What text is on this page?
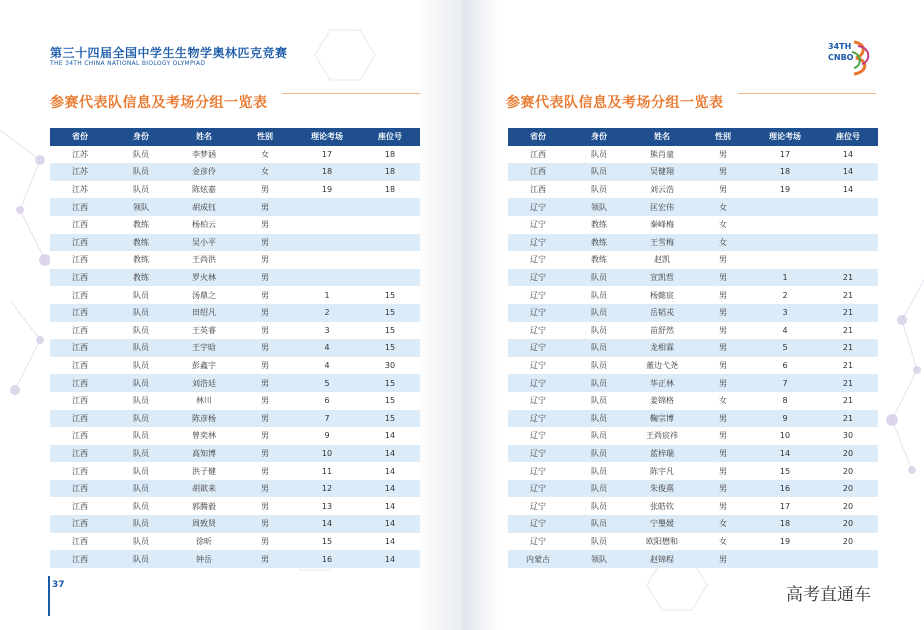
第三十四届全国中学生生物学奥林匹克竞赛
THE 34TH CHINA NATIONAL BIOLOGY OLYMPIAD
参赛代表队信息及考场分组一览表
省份	身份	姓名	性别	理论考场	座位号
江苏	队员	李梦涵	女	17	18
江苏	队员	金彦伶	女	18	18
江苏	队员	陈炫嘉	男	19	18
江西	领队	胡成钰	男		
江西	教练	杨柏云	男		
江西	教练	吴小平	男		
江西	教练	王尚洪	男		
江西	教练	罗火林	男		
江西	队员	汤鼎之	男	1	15
江西	队员	田绍凡	男	2	15
江西	队员	王英睿	男	3	15
江西	队员	王宇晗	男	4	15
江西	队员	彭鑫宇	男	4	30
江西	队员	刘浩廷	男	5	15
江西	队员	林川	男	6	15
江西	队员	陈彦杨	男	7	15
江西	队员	曾奕林	男	9	14
江西	队员	高知博	男	10	14
江西	队员	洪子健	男	11	14
江西	队员	胡歆来	男	12	14
江西	队员	郭腾毅	男	13	14
江西	队员	周致贤	男	14	14
江西	队员	徐昕	男	15	14
江西	队员	钟岳	男	16	14
37
34TH
CNBO
参赛代表队信息及考场分组一览表
省份	身份	姓名	性别	理论考场	座位号
江西	队员	熊肖童	男	17	14
江西	队员	吴健翔	男	18	14
江西	队员	刘云浩	男	19	14
辽宁	领队	匡宏伟	女		
辽宁	教练	秦峰梅	女		
辽宁	教练	王雪梅	女		
辽宁	教练	赵凯	男		
辽宁	队员	宣凯哲	男	1	21
辽宁	队员	杨懿宸	男	2	21
辽宁	队员	岳韬戎	男	3	21
辽宁	队员	苗舒然	男	4	21
辽宁	队员	龙相霖	男	5	21
辽宁	队员	董边弋尧	男	6	21
辽宁	队员	华正林	男	7	21
辽宁	队员	姜锦格	女	8	21
辽宁	队员	鞠宗博	男	9	21
辽宁	队员	王尚宸祎	男	10	30
辽宁	队员	蓝梓瑞	男	14	20
辽宁	队员	陈宇凡	男	15	20
辽宁	队员	朱俊熹	男	16	20
辽宁	队员	张皓钦	男	17	20
辽宁	队员	宁璺媛	女	18	20
辽宁	队员	欧阳懋和	女	19	20
内蒙古	领队	赵锦程	男		
高考直通车
